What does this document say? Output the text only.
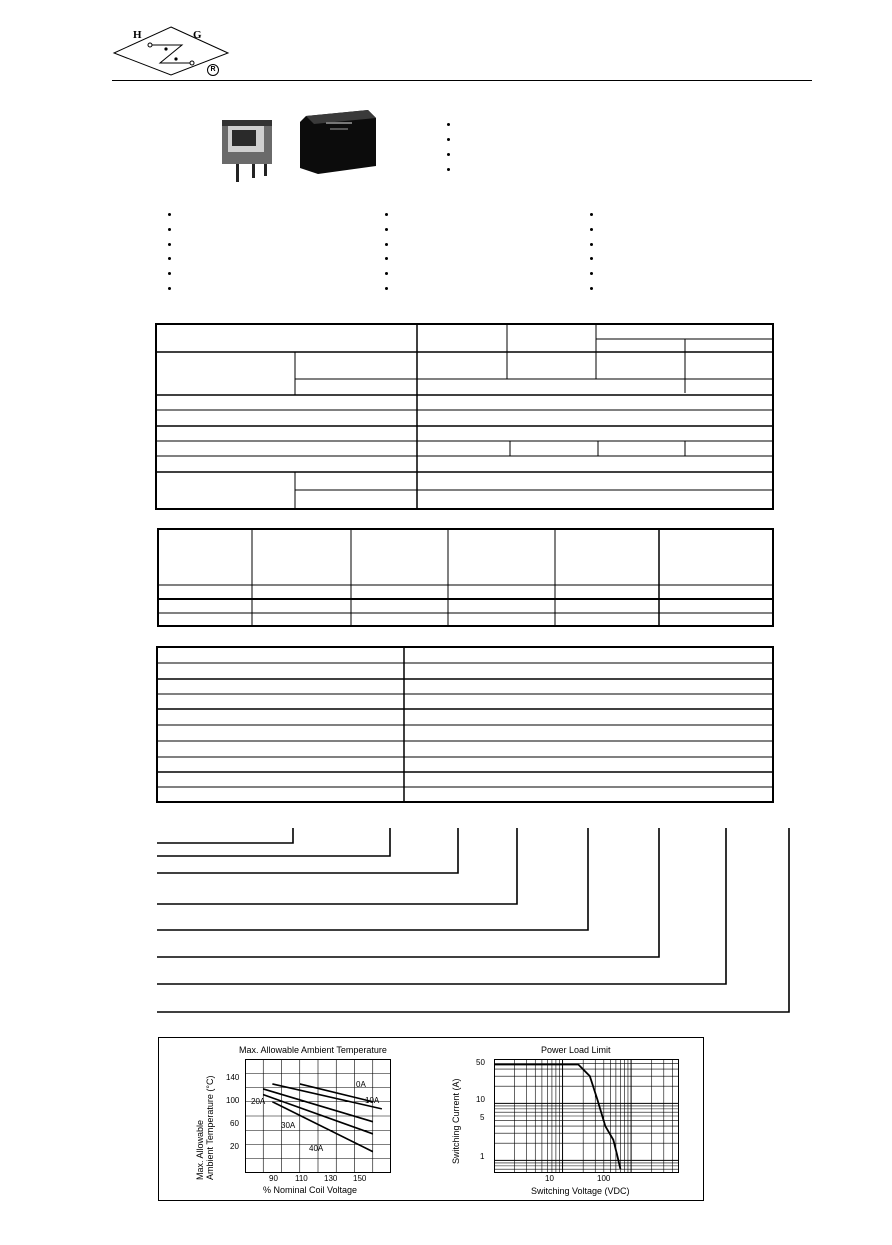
H	G
R
Max. Allowable Ambient Temperature
Max. Allowable Ambient Temperature (°C)
% Nominal Coil Voltage
140
100
60
20
90 110 130 150
0A
10A
20A
30A
40A
Power Load Limit
Switching Current (A)
Switching Voltage (VDC)
50
10
5
1
10	100
